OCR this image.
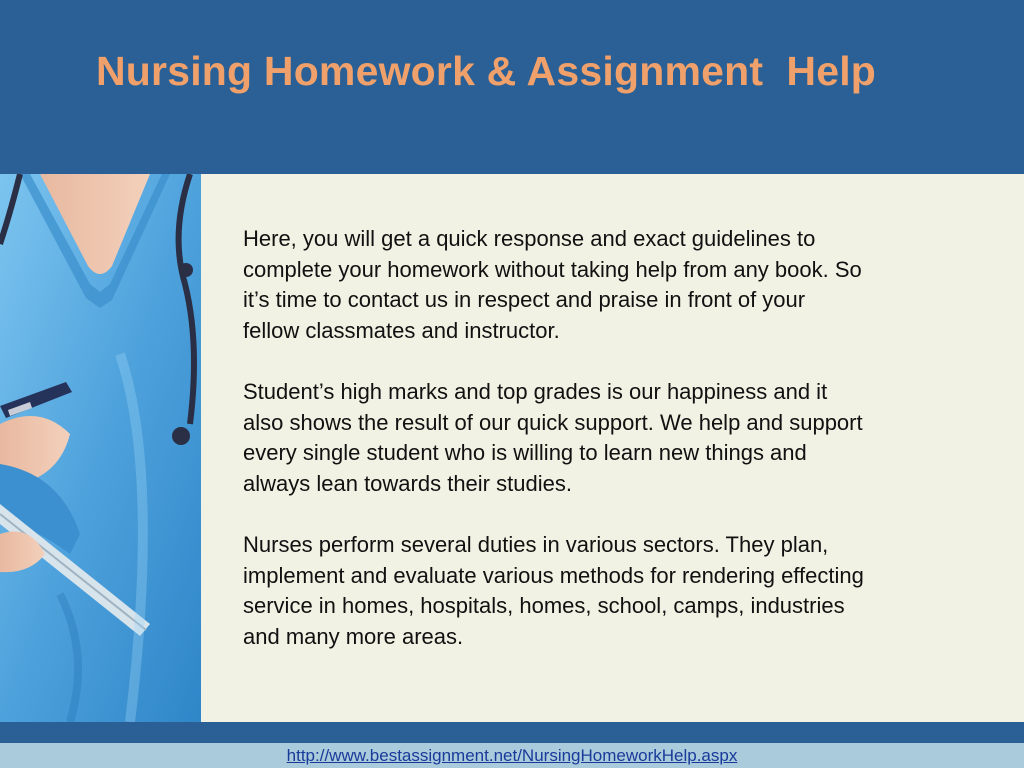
Nursing Homework & Assignment  Help

Here, you will get a quick response and exact guidelines to
complete your homework without taking help from any book. So
it’s time to contact us in respect and praise in front of your
fellow classmates and instructor.

Student’s high marks and top grades is our happiness and it
also shows the result of our quick support. We help and support
every single student who is willing to learn new things and
always lean towards their studies.

Nurses perform several duties in various sectors. They plan,
implement and evaluate various methods for rendering effecting
service in homes, hospitals, homes, school, camps, industries
and many more areas.

http://www.bestassignment.net/NursingHomeworkHelp.aspx
